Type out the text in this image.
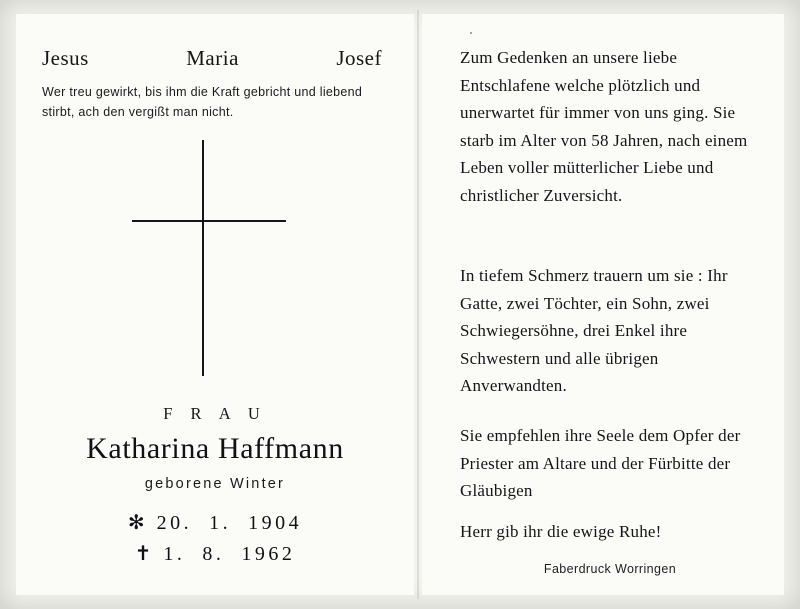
Jesus	Maria	Josef
Wer treu gewirkt, bis ihm die Kraft gebricht und liebend stirbt, ach den vergißt man nicht.
F R A U
Katharina Haffmann
geborene Winter
✻ 20.  1.  1904
✝ 1.  8.  1962
Zum Gedenken an unsere liebe Entschlafene welche plötzlich und unerwartet für immer von uns ging. Sie starb im Alter von 58 Jahren, nach einem Leben voller mütterlicher Liebe und christlicher Zuversicht.
In tiefem Schmerz trauern um sie : Ihr Gatte, zwei Töchter, ein Sohn, zwei Schwiegersöhne, drei Enkel ihre Schwestern und alle übrigen Anverwandten.
Sie empfehlen ihre Seele dem Opfer der Priester am Altare und der Fürbitte der Gläubigen
Herr gib ihr die ewige Ruhe!
Faberdruck Worringen
